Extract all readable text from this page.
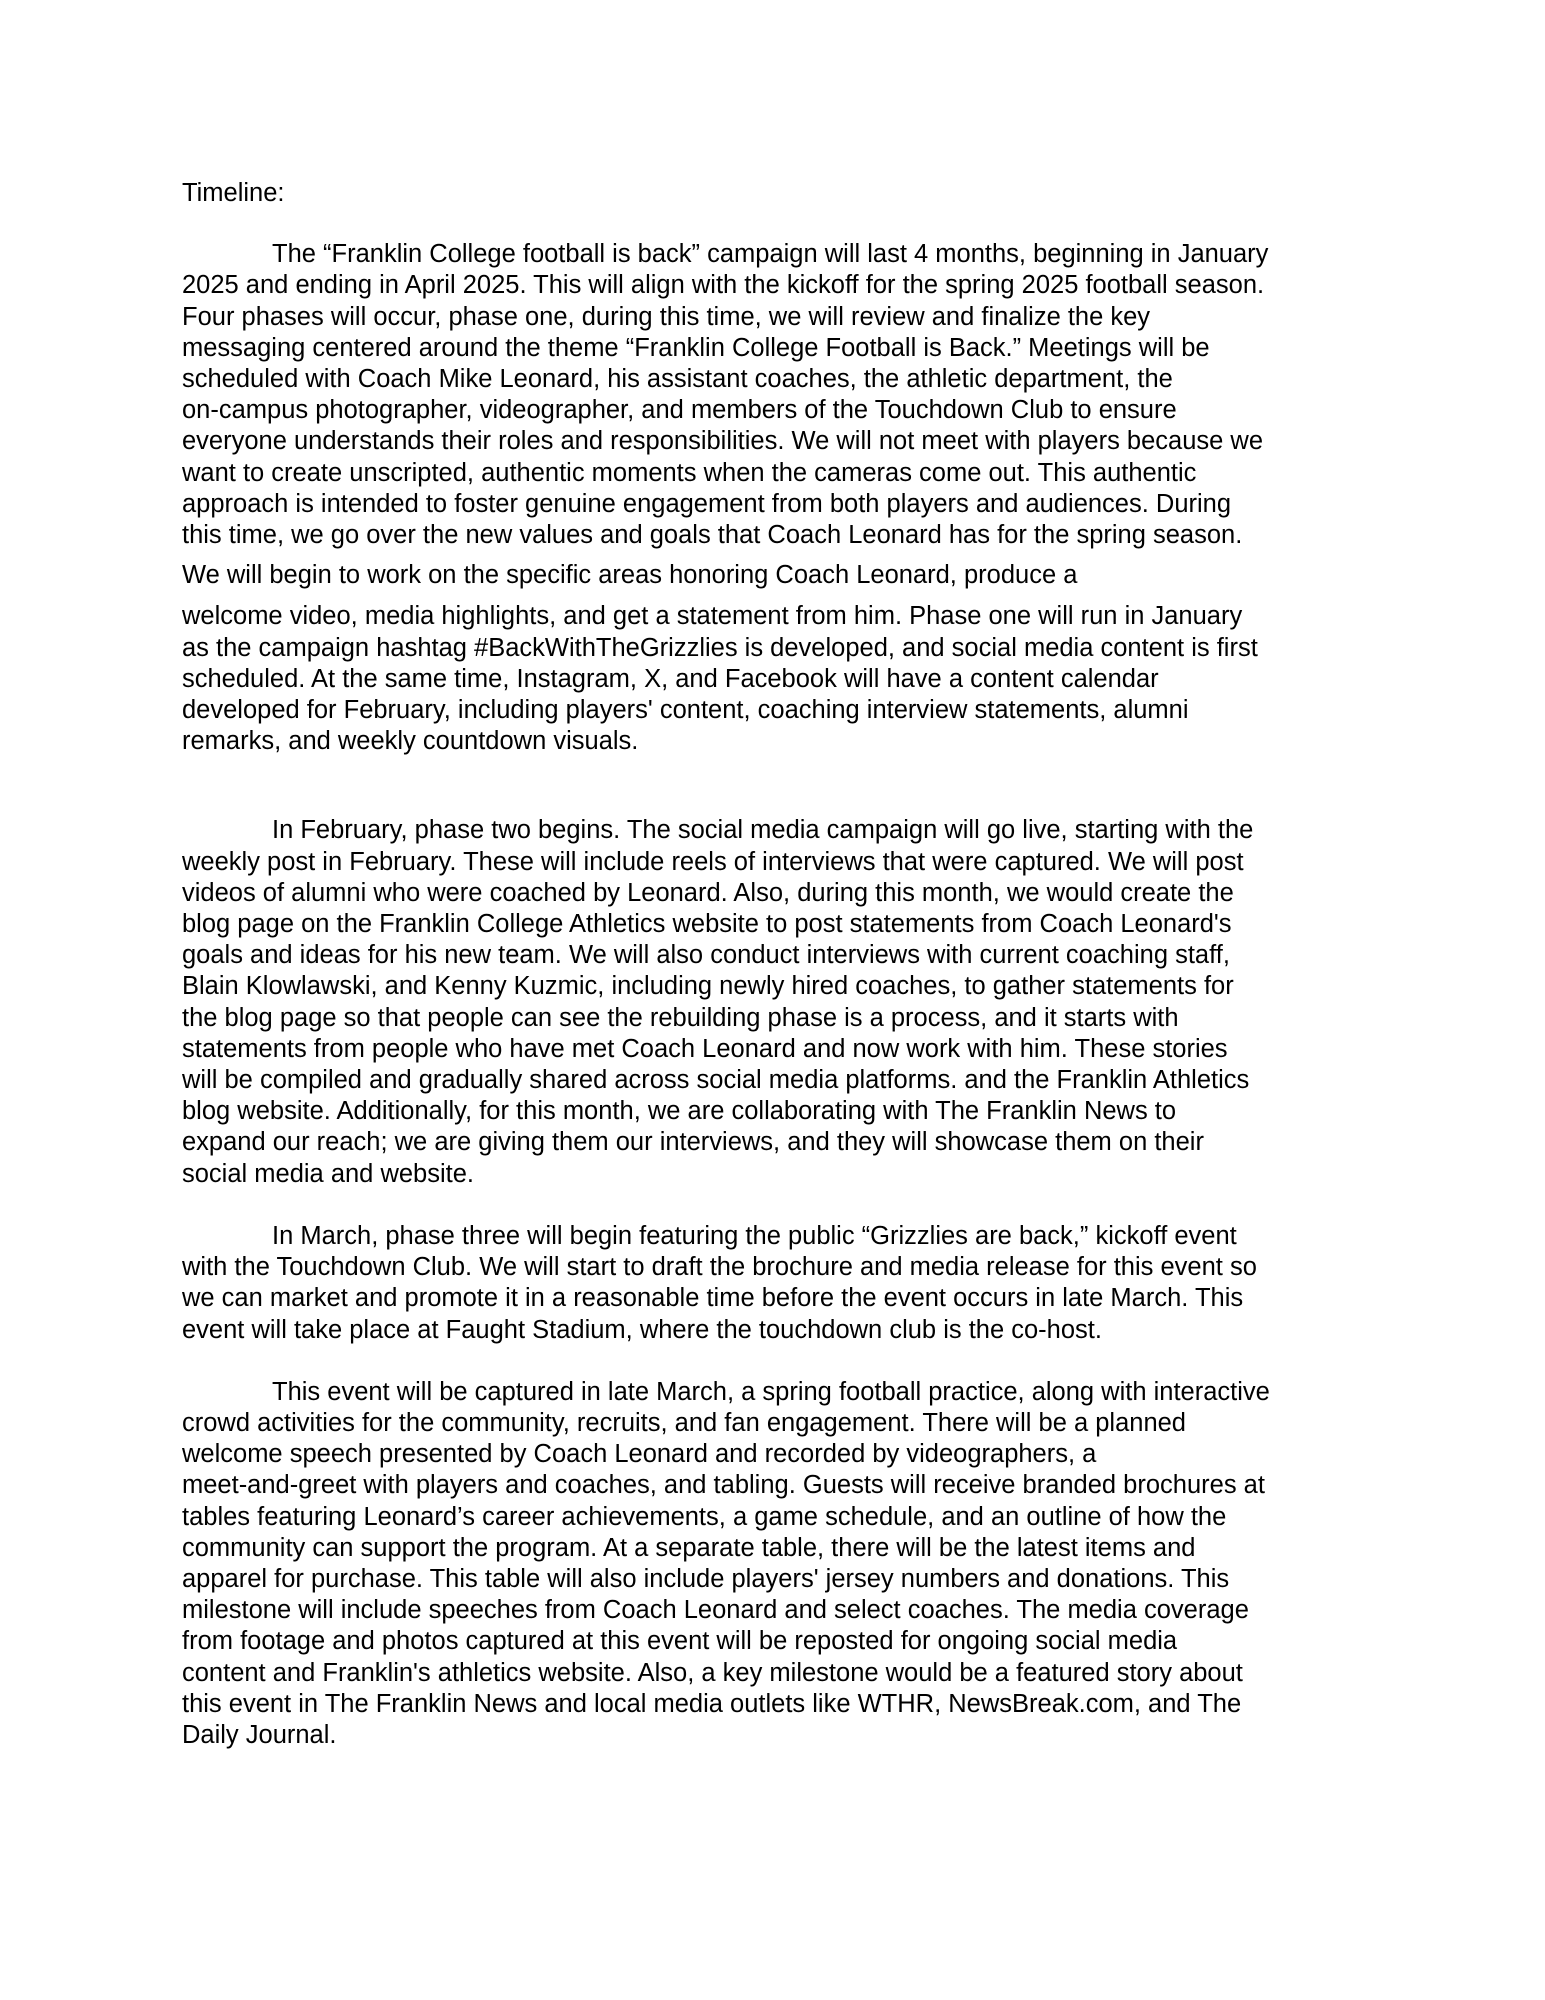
Timeline:

The “Franklin College football is back” campaign will last 4 months, beginning in January
2025 and ending in April 2025. This will align with the kickoff for the spring 2025 football season.
Four phases will occur, phase one, during this time, we will review and finalize the key
messaging centered around the theme “Franklin College Football is Back.” Meetings will be
scheduled with Coach Mike Leonard, his assistant coaches, the athletic department, the
on-campus photographer, videographer, and members of the Touchdown Club to ensure
everyone understands their roles and responsibilities. We will not meet with players because we
want to create unscripted, authentic moments when the cameras come out. This authentic
approach is intended to foster genuine engagement from both players and audiences. During
this time, we go over the new values and goals that Coach Leonard has for the spring season.

We will begin to work on the specific areas honoring Coach Leonard, produce a

welcome video, media highlights, and get a statement from him. Phase one will run in January
as the campaign hashtag #BackWithTheGrizzlies is developed, and social media content is first
scheduled. At the same time, Instagram, X, and Facebook will have a content calendar
developed for February, including players' content, coaching interview statements, alumni
remarks, and weekly countdown visuals.

In February, phase two begins. The social media campaign will go live, starting with the
weekly post in February. These will include reels of interviews that were captured. We will post
videos of alumni who were coached by Leonard. Also, during this month, we would create the
blog page on the Franklin College Athletics website to post statements from Coach Leonard's
goals and ideas for his new team. We will also conduct interviews with current coaching staff,
Blain Klowlawski, and Kenny Kuzmic, including newly hired coaches, to gather statements for
the blog page so that people can see the rebuilding phase is a process, and it starts with
statements from people who have met Coach Leonard and now work with him. These stories
will be compiled and gradually shared across social media platforms. and the Franklin Athletics
blog website. Additionally, for this month, we are collaborating with The Franklin News to
expand our reach; we are giving them our interviews, and they will showcase them on their
social media and website.

In March, phase three will begin featuring the public “Grizzlies are back,” kickoff event
with the Touchdown Club. We will start to draft the brochure and media release for this event so
we can market and promote it in a reasonable time before the event occurs in late March. This
event will take place at Faught Stadium, where the touchdown club is the co-host.

This event will be captured in late March, a spring football practice, along with interactive
crowd activities for the community, recruits, and fan engagement. There will be a planned
welcome speech presented by Coach Leonard and recorded by videographers, a
meet-and-greet with players and coaches, and tabling. Guests will receive branded brochures at
tables featuring Leonard’s career achievements, a game schedule, and an outline of how the
community can support the program. At a separate table, there will be the latest items and
apparel for purchase. This table will also include players' jersey numbers and donations. This
milestone will include speeches from Coach Leonard and select coaches. The media coverage
from footage and photos captured at this event will be reposted for ongoing social media
content and Franklin's athletics website. Also, a key milestone would be a featured story about
this event in The Franklin News and local media outlets like WTHR, NewsBreak.com, and The
Daily Journal.
